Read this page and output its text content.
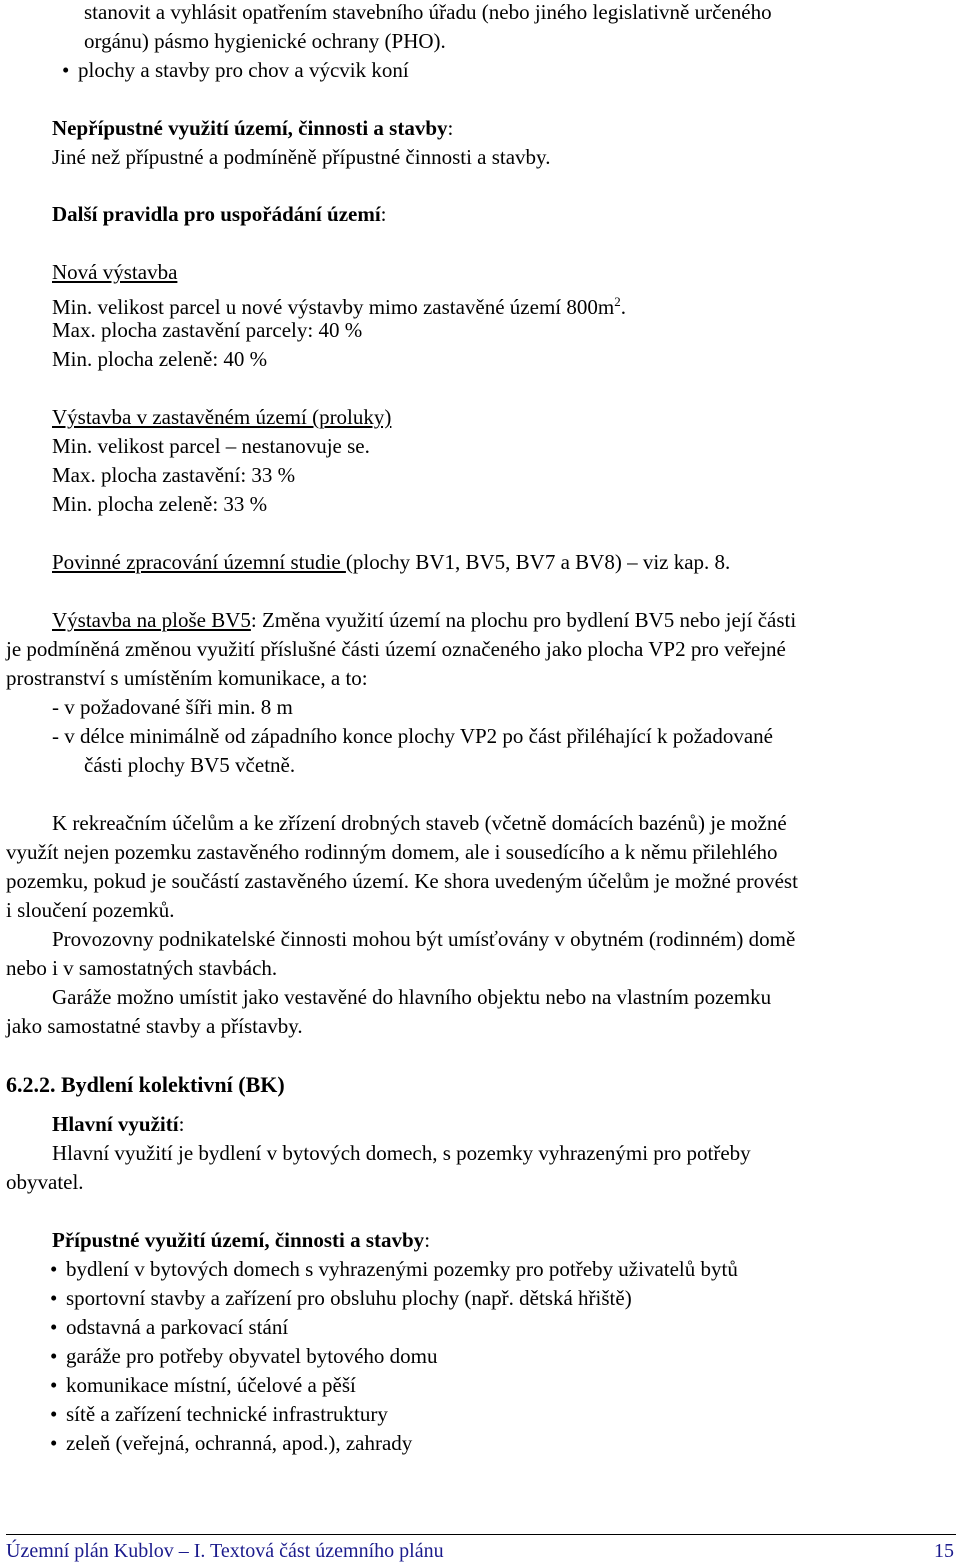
stanovit a vyhlásit opatřením stavebního úřadu (nebo jiného legislativně určeného

orgánu) pásmo hygienické ochrany (PHO).

• plochy a stavby pro chov a výcvik koní

Nepřípustné využití území, činnosti a stavby:

Jiné než přípustné a podmíněně přípustné činnosti a stavby.

Další pravidla pro uspořádání území:

Nová výstavba

Min. velikost parcel u nové výstavby mimo zastavěné území $800m^2$.

Max. plocha zastavění parcely: 40 %

Min. plocha zeleně: 40 %

Výstavba v zastavěném území (proluky)

Min. velikost parcel – nestanovuje se.

Max. plocha zastavění: 33 %

Min. plocha zeleně: 33 %

Povinné zpracování územní studie (plochy BV1, BV5, BV7 a BV8) – viz kap. 8.

Výstavba na ploše BV5: Změna využití území na plochu pro bydlení BV5 nebo její části

je podmíněná změnou využití příslušné části území označeného jako plocha VP2 pro veřejné

prostranství s umístěním komunikace, a to:

- v požadované šíři min. 8 m

- v délce minimálně od západního konce plochy VP2 po část přiléhající k požadované

části plochy BV5 včetně.

K rekreačním účelům a ke zřízení drobných staveb (včetně domácích bazénů) je možné

využít nejen pozemku zastavěného rodinným domem, ale i sousedícího a k němu přilehlého

pozemku, pokud je součástí zastavěného území. Ke shora uvedeným účelům je možné provést

i sloučení pozemků.

Provozovny podnikatelské činnosti mohou být umísťovány v obytném (rodinném) domě

nebo i v samostatných stavbách.

Garáže možno umístit jako vestavěné do hlavního objektu nebo na vlastním pozemku

jako samostatné stavby a přístavby.

6.2.2. Bydlení kolektivní (BK)

Hlavní využití:

Hlavní využití je bydlení v bytových domech, s pozemky vyhrazenými pro potřeby

obyvatel.

Přípustné využití území, činnosti a stavby:

• bydlení v bytových domech s vyhrazenými pozemky pro potřeby uživatelů bytů

• sportovní stavby a zařízení pro obsluhu plochy (např. dětská hřiště)

• odstavná a parkovací stání

• garáže pro potřeby obyvatel bytového domu

• komunikace místní, účelové a pěší

• sítě a zařízení technické infrastruktury

• zeleň (veřejná, ochranná, apod.), zahrady

Územní plán Kublov – I. Textová část územního plánu	15
